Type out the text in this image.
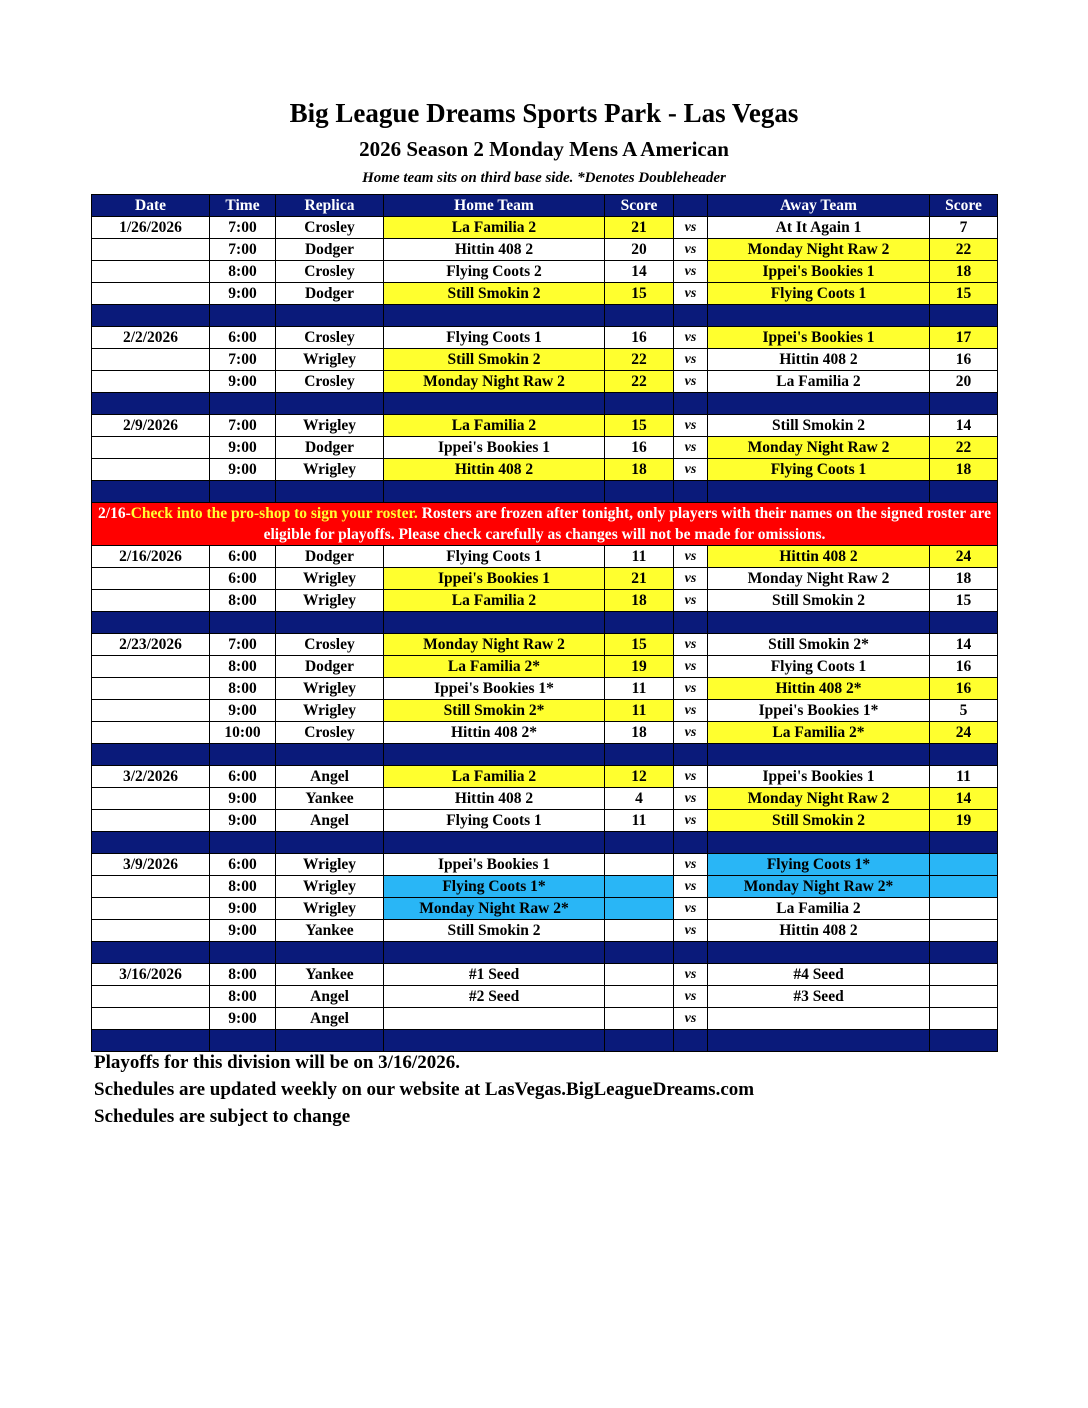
Big League Dreams Sports Park - Las Vegas
2026 Season 2 Monday Mens A American
Home team sits on third base side. *Denotes Doubleheader
Date	Time	Replica	Home Team	Score		Away Team	Score
1/26/2026	7:00	Crosley	La Familia 2	21	vs	At It Again 1	7
	7:00	Dodger	Hittin 408 2	20	vs	Monday Night Raw 2	22
	8:00	Crosley	Flying Coots 2	14	vs	Ippei's Bookies 1	18
	9:00	Dodger	Still Smokin 2	15	vs	Flying Coots 1	15

2/2/2026	6:00	Crosley	Flying Coots 1	16	vs	Ippei's Bookies 1	17
	7:00	Wrigley	Still Smokin 2	22	vs	Hittin 408 2	16
	9:00	Crosley	Monday Night Raw 2	22	vs	La Familia 2	20

2/9/2026	7:00	Wrigley	La Familia 2	15	vs	Still Smokin 2	14
	9:00	Dodger	Ippei's Bookies 1	16	vs	Monday Night Raw 2	22
	9:00	Wrigley	Hittin 408 2	18	vs	Flying Coots 1	18

2/16-Check into the pro-shop to sign your roster. Rosters are frozen after tonight, only players with their names on the signed roster are eligible for playoffs. Please check carefully as changes will not be made for omissions.							
2/16/2026	6:00	Dodger	Flying Coots 1	11	vs	Hittin 408 2	24
	6:00	Wrigley	Ippei's Bookies 1	21	vs	Monday Night Raw 2	18
	8:00	Wrigley	La Familia 2	18	vs	Still Smokin 2	15

2/23/2026	7:00	Crosley	Monday Night Raw 2	15	vs	Still Smokin 2*	14
	8:00	Dodger	La Familia 2*	19	vs	Flying Coots 1	16
	8:00	Wrigley	Ippei's Bookies 1*	11	vs	Hittin 408 2*	16
	9:00	Wrigley	Still Smokin 2*	11	vs	Ippei's Bookies 1*	5
	10:00	Crosley	Hittin 408 2*	18	vs	La Familia 2*	24

3/2/2026	6:00	Angel	La Familia 2	12	vs	Ippei's Bookies 1	11
	9:00	Yankee	Hittin 408 2	4	vs	Monday Night Raw 2	14
	9:00	Angel	Flying Coots 1	11	vs	Still Smokin 2	19

3/9/2026	6:00	Wrigley	Ippei's Bookies 1		vs	Flying Coots 1*	
	8:00	Wrigley	Flying Coots 1*		vs	Monday Night Raw 2*	
	9:00	Wrigley	Monday Night Raw 2*		vs	La Familia 2	
	9:00	Yankee	Still Smokin 2		vs	Hittin 408 2	

3/16/2026	8:00	Yankee	#1 Seed		vs	#4 Seed	
	8:00	Angel	#2 Seed		vs	#3 Seed	
	9:00	Angel			vs		

Playoffs for this division will be on 3/16/2026.
Schedules are updated weekly on our website at LasVegas.BigLeagueDreams.com
Schedules are subject to change
